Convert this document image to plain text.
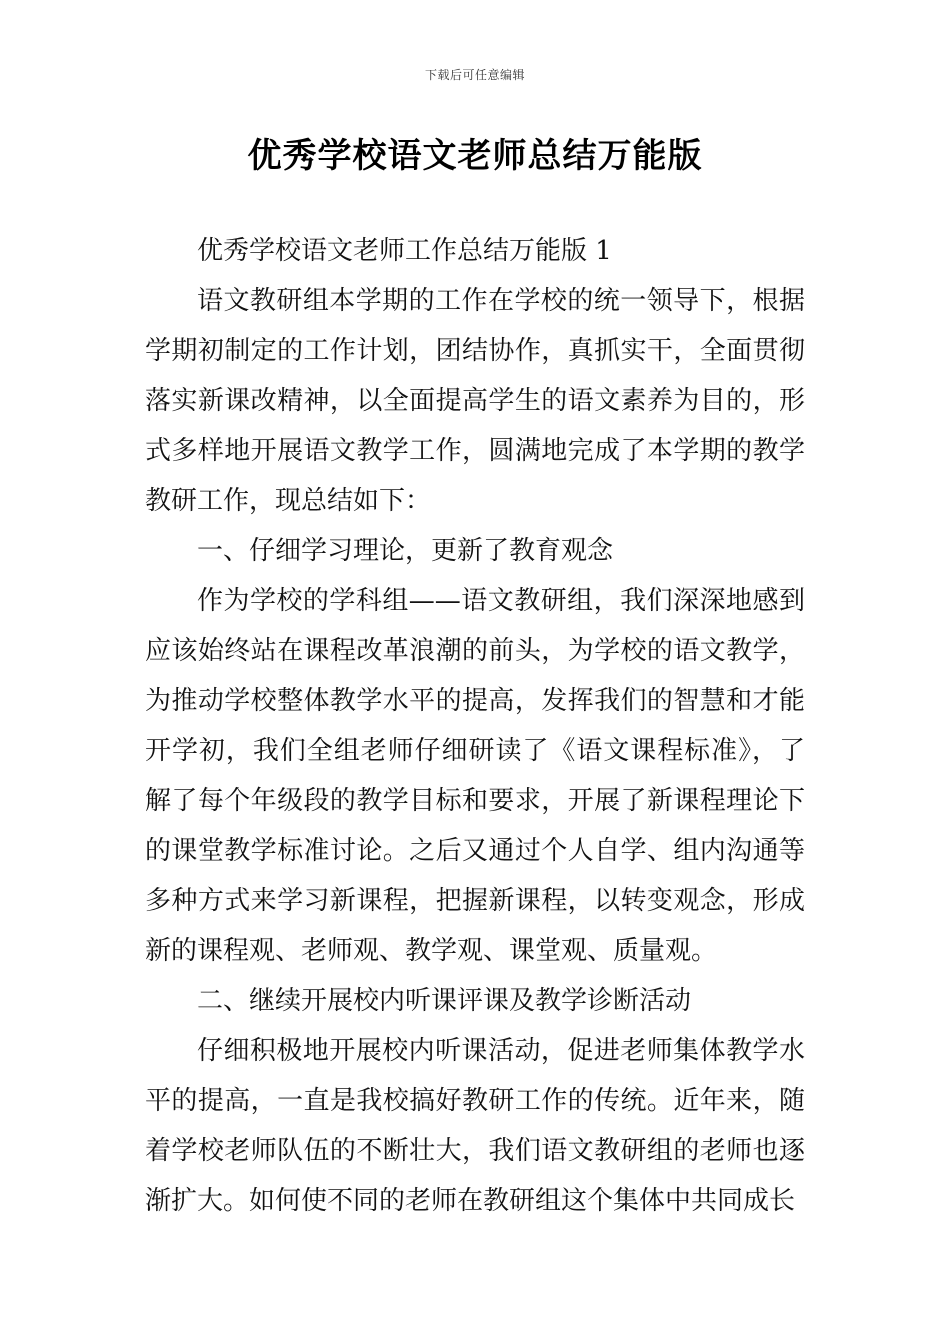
下载后可任意编辑
优秀学校语文老师总结万能版

优秀学校语文老师工作总结万能版 1

语文教研组本学期的工作在学校的统一领导下，根据学期初制定的工作计划，团结协作，真抓实干，全面贯彻落实新课改精神，以全面提高学生的语文素养为目的，形式多样地开展语文教学工作，圆满地完成了本学期的教学教研工作，现总结如下：

一、仔细学习理论，更新了教育观念

作为学校的学科组——语文教研组，我们深深地感到应该始终站在课程改革浪潮的前头，为学校的语文教学，为推动学校整体教学水平的提高，发挥我们的智慧和才能开学初，我们全组老师仔细研读了《语文课程标准》，了解了每个年级段的教学目标和要求，开展了新课程理论下的课堂教学标准讨论。之后又通过个人自学、组内沟通等多种方式来学习新课程，把握新课程，以转变观念，形成新的课程观、老师观、教学观、课堂观、质量观。

二、继续开展校内听课评课及教学诊断活动

仔细积极地开展校内听课活动，促进老师集体教学水平的提高，一直是我校搞好教研工作的传统。近年来，随着学校老师队伍的不断壮大，我们语文教研组的老师也逐渐扩大。如何使不同的老师在教研组这个集体中共同成长
